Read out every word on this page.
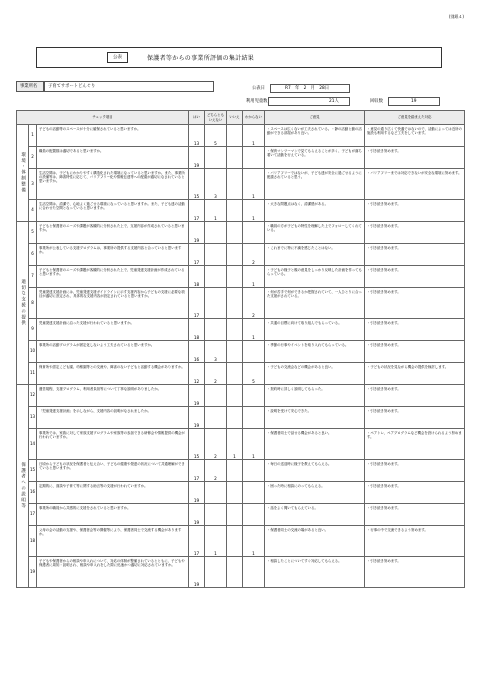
(別紙４)
公表	保護者等からの事業所評価の集計結果
公表日	R7　年　2　月　28日
事業所名	子育てサポートどんぐり
利用児童数	21人	回収数	19
チェック項目			はい	どちらともいえない	いいえ	わからない	ご意見	ご意見を踏まえた対応
環境・体制整備	1	子どもの活動等のスペースが十分に確保されていると思いますか。	13	5		1	・スペースは広くないが工夫されている。・静の活動と動の活動ができる部屋があり良い。	・意見の通り広くて快適ではないので、活動によっては近所の施設も利用するなど工夫をしています。
	2	職員の配置数は適切であると思いますか。	19				・保育マンツーマンで見てもらえることが多く、子どもが落ち着いて活動を行えている。	・引き続き努めます。
	3	生活空間は、子どもにわかりやすく構造化された環境になっていると思いますか。また、事業所の設備等は、障害特性に応じて、バリアフリー化や情報伝達等への配慮が適切になされていると思いますか。	15	3		1	・バリアフリーではないが、子ども達が安全に過ごせるように配慮されていると思う。	・バリアフリーまでは対応できないが安全な環境に努めます。
	4	生活空間は、清潔で、心地よく過ごせる環境になっていると思いますか。また、子ども達の活動に合わせた空間となっていると思いますか。	17	1		1	・大きな問題点はなく、清潔感がある。	・引き続き努めます。
適切な支援の提供	5	子どもと保護者のニーズや課題が客観的に分析された上で、支援内容が作成されていると思いますか。	19				・職員の方が子どもの特性を理解した上でフォローしてくれている。	・引き続き努めます。
	6	事業所が公表している支援プログラムは、事業所の提供する支援内容と合っていると思いますか。	17			2	・これまでに特に不満を感じたことはない。	・引き続き努めます。
	7	子どもと保護者のニーズや課題が客観的に分析された上で、児童発達支援計画が作成されていると思いますか。	18			1	・子どもの様子と親の意見をしっかり反映した計画を作ってもらっている。	・引き続き努めます。
	8	児童発達支援計画には、児童発達支援ガイドラインに示す支援内容から子どもの支援に必要な項目が適切に設定され、具体的な支援内容が設定されていると思いますか。	17			2	・何が苦手で何ができるか把握されていて、一人ひとりに合った支援がされている。	・引き続き努めます。
	9	児童発達支援計画に沿った支援が行われていると思いますか。	18			1	・共通の目標に向けて取り組んでもらっている。	・引き続き努めます。
	10	事業所の活動プログラムが固定化しないよう工夫されていると思いますか。	16	3			・季節の行事やイベントを取り入れてもらっている。	・引き続き努めます。
	11	保育所や認定こども園、幼稚園等との交流や、障害のない子どもと活動する機会がありますか。	12	2		5	・子どもの交流会などの機会があると良い。	・子どもの状況を見ながら機会の提供を検討します。
保護者への説明等	12	運営規程、支援プログラム、利用者負担等について丁寧な説明がありましたか。	19				・契約時に詳しく説明してもらった。	・引き続き努めます。
	13	「児童発達支援計画」を示しながら、支援内容の説明がなされましたか。	19				・説明を受けて安心できた。	・引き続き努めます。
	14	事業所では、家族に対して家族支援プログラムや家族等の参加できる研修会や情報提供の機会が行われていますか。	15	2	1	1	・保護者同士で話せる機会があると良い。	・ペアトレ、ペアプログラムなど機会を設けられるよう努めます。
	15	日頃から子どもの状況を保護者と伝え合い、子どもの健康や発達の状況について共通理解ができていると思いますか。	17	2			・毎日の送迎時に様子を教えてもらえる。	・引き続き努めます。
	16	定期的に、面談や子育て等に関する助言等の支援が行われていますか。	19				・困った時に相談にのってもらえる。	・引き続き努めます。
	17	事業所の職員から共感的に支援をされていると思いますか。	19				・話をよく聞いてもらえている。	・引き続き努めます。
	18	父母の会の活動の支援や、保護者会等の開催等により、保護者同士で交流する機会がありますか。	17	1		1	・保護者同士の交流の場があると良い。	・行事の中で交流できるよう努めます。
	19	子どもや保護者からの相談や申入れについて、対応の体制が整備されているとともに、子どもや保護者に周知・説明され、相談や申入れをした際に迅速かつ適切に対応されていますか。	19				・相談したことについてすぐ対応してもらえる。	・引き続き努めます。
